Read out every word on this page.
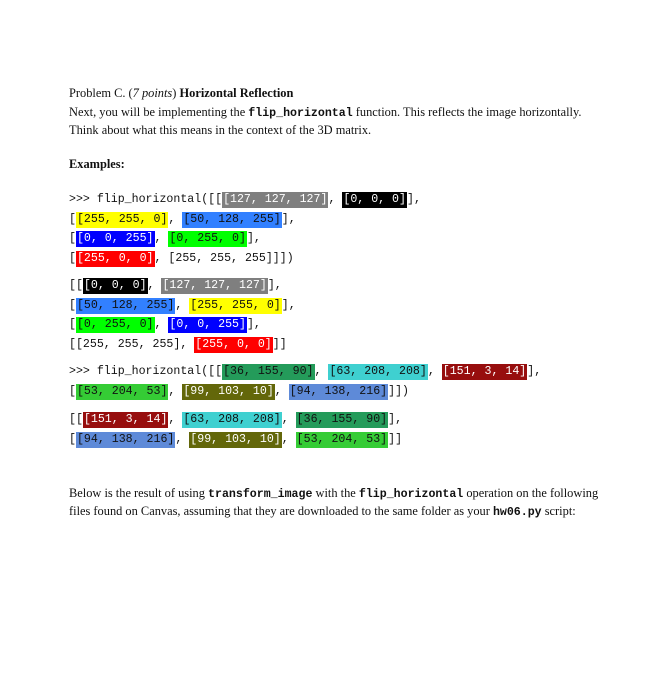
Problem C. (7 points) Horizontal Reflection
Next, you will be implementing the flip_horizontal function. This reflects the image horizontally.
Think about what this means in the context of the 3D matrix.
Examples:
>>> flip_horizontal([[[127, 127, 127], [0, 0, 0]],
[[255, 255, 0], [50, 128, 255]],
[[0, 0, 255], [0, 255, 0]],
[[255, 0, 0], [255, 255, 255]]])
[[[0, 0, 0], [127, 127, 127]],
[[50, 128, 255], [255, 255, 0]],
[[0, 255, 0], [0, 0, 255]],
[[255, 255, 255], [255, 0, 0]]]
>>> flip_horizontal([[[36, 155, 90], [63, 208, 208], [151, 3, 14]],
[[53, 204, 53], [99, 103, 10], [94, 138, 216]]])
[[[151, 3, 14], [63, 208, 208], [36, 155, 90]],
[[94, 138, 216], [99, 103, 10], [53, 204, 53]]]
Below is the result of using transform_image with the flip_horizontal operation on the following
files found on Canvas, assuming that they are downloaded to the same folder as your hw06.py script:
